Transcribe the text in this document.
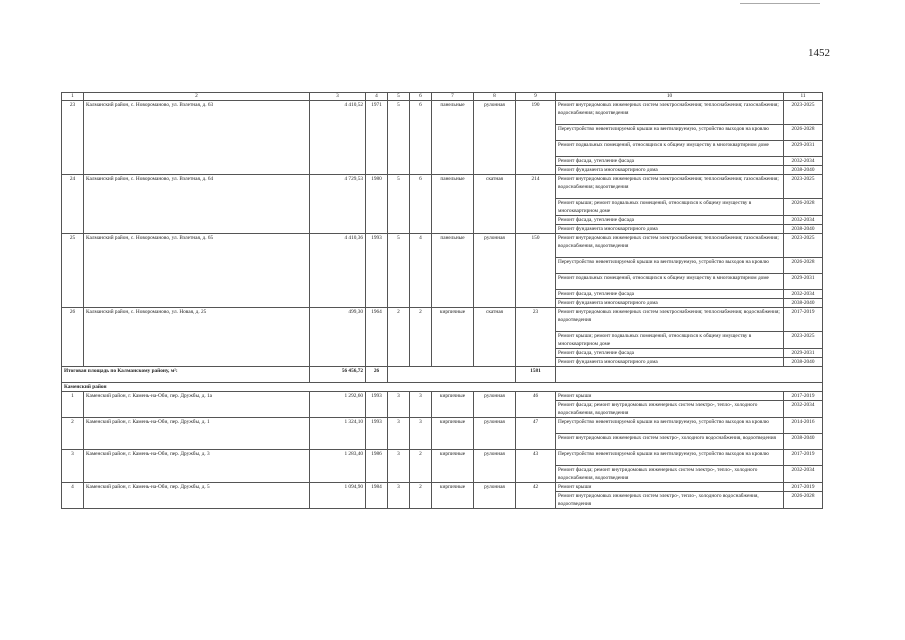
1452
1	2	3	4	5	6	7	8	9	10	11
23	Калманский район, с. Новоромановo, ул. Взлетная, д. 63	4 410,52	1971	5	6	панельные	рулонная	190	Ремонт внутридомовых инженерных систем электроснабжения; теплоснабжения; газоснабжения; водоснабжения; водоотведения	2023-2025
									Переустройство невентилируемой крыши на вентилируемую, устройство выходов на кровлю	2026-2028
									Ремонт подвальных помещений, относящихся к общему имуществу в многоквартирном доме	2029-2031
									Ремонт фасада, утепление фасада	2032-2034
									Ремонт фундамента многоквартирного дома	2038-2040
24	Калманский район, с. Новоромановo, ул. Взлетная, д. 64	4 729,53	1980	5	6	панельные	скатная	214	Ремонт внутридомовых инженерных систем электроснабжения; теплоснабжения; газоснабжения; водоснабжения; водоотведения	2023-2025
									Ремонт крыши; ремонт подвальных помещений, относящихся к общему имуществу в многоквартирном доме	2026-2028
									Ремонт фасада, утепление фасада	2032-2034
									Ремонт фундамента многоквартирного дома	2038-2040
25	Калманский район, с. Новоромановo, ул. Взлетная, д. 65	4 410,36	1993	5	4	панельные	рулонная	150	Ремонт внутридомовых инженерных систем электроснабжения; теплоснабжения; газоснабжения; водоснабжения, водоотведения	2023-2025
									Переустройство невентилируемой крыши на вентилируемую, устройство выходов на кровлю	2026-2028
									Ремонт подвальных помещений, относящихся к общему имуществу в многоквартирном доме	2029-2031
									Ремонт фасада, утепление фасада	2032-2034
									Ремонт фундамента многоквартирного дома	2038-2040
26	Калманский район, с. Новоромановo, ул. Новая, д. 25	499,30	1964	2	2	кирпичные	скатная	23	Ремонт внутридомовых инженерных систем электроснабжения; теплоснабжения; водоснабжения; водоотведения	2017-2019
									Ремонт крыши; ремонт подвальных помещений, относящихся к общему имуществу в многоквартирном доме	2023-2025
									Ремонт фасада, утепление фасада	2029-2031
									Ремонт фундамента многоквартирного дома	2038-2040
Итоговая площадь по Калманскому району, м²:		56 456,72	26					1581		
Каменский район										
1	Каменский район, г. Камень-на-Оби, пер. Дружбы, д. 1а	1 292,60	1993	3	3	кирпичные	рулонная	46	Ремонт крыши	2017-2019
									Ремонт фасада; ремонт внутридомовых инженерных систем электро-, тепло-, холодного водоснабжения, водоотведения	2032-2034
2	Каменский район, г. Камень-на-Оби, пер. Дружбы, д. 1	1 324,10	1993	3	3	кирпичные	рулонная	47	Переустройство невентилируемой крыши на вентилируемую, устройство выходов на кровлю	2014-2016
									Ремонт внутридомовых инженерных систем электро-, холодного водоснабжения, водоотведения	2038-2040
3	Каменский район, г. Камень-на-Оби, пер. Дружбы, д. 3	1 283,40	1986	3	2	кирпичные	рулонная	43	Переустройство невентилируемой крыши на вентилируемую, устройство выходов на кровлю	2017-2019
									Ремонт фасада; ремонт внутридомовых инженерных систем электро-, тепло-, холодного водоснабжения, водоотведения	2032-2034
4	Каменский район, г. Камень-на-Оби, пер. Дружбы, д. 5	1 094,90	1984	3	2	кирпичные	рулонная	42	Ремонт крыши	2017-2019
									Ремонт внутридомовых инженерных систем электро-, тепло-, холодного водоснабжения, водоотведения	2026-2028
